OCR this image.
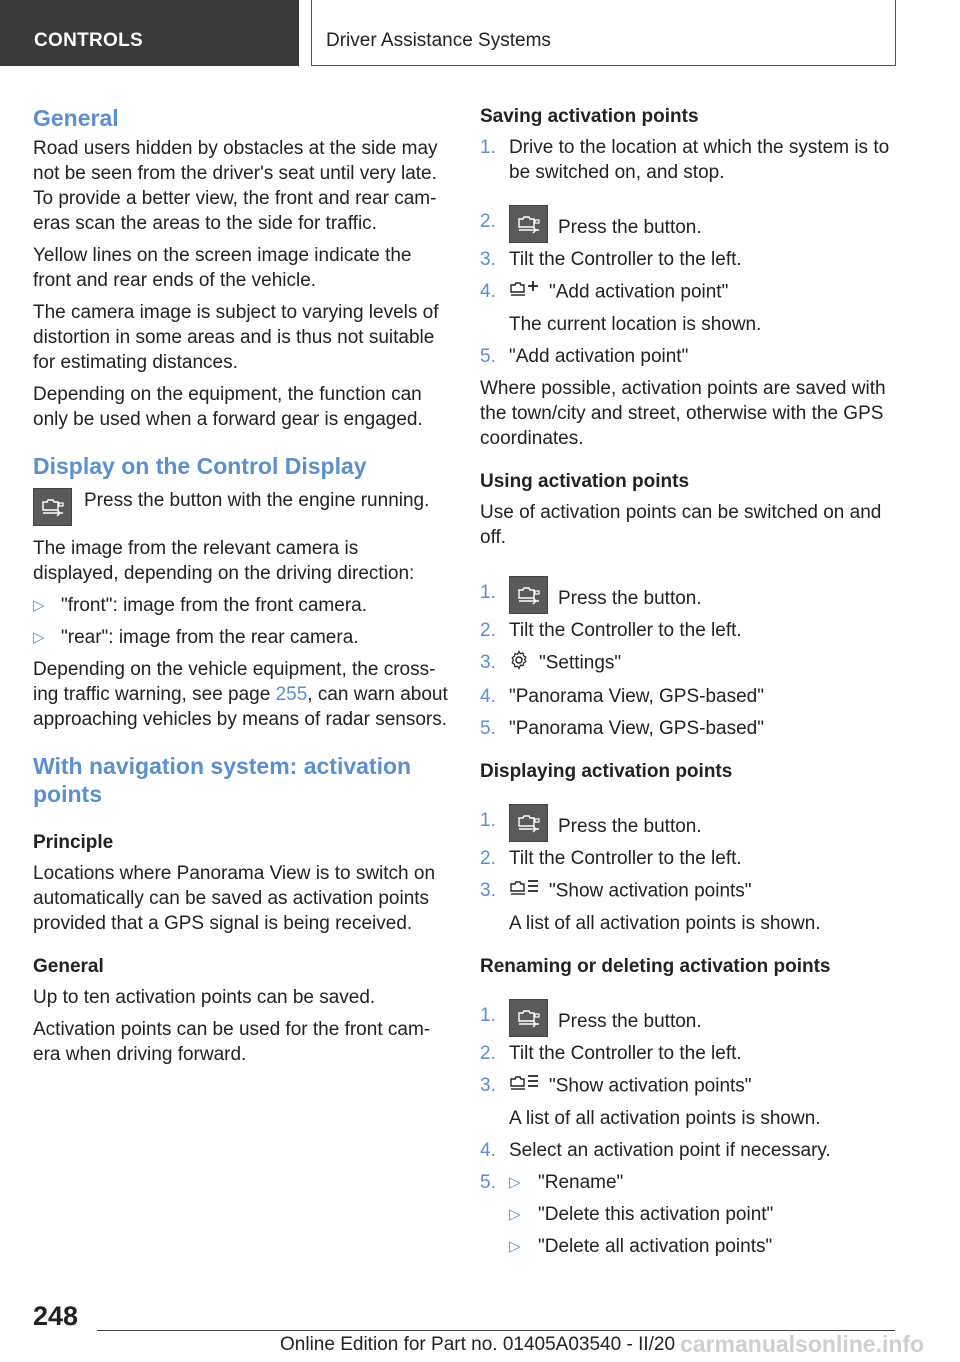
CONTROLS	Driver Assistance Systems
General

Road users hidden by obstacles at the side may not be seen from the driver's seat until very late. To provide a better view, the front and rear cam‐eras scan the areas to the side for traffic.

Yellow lines on the screen image indicate the front and rear ends of the vehicle.

The camera image is subject to varying levels of distortion in some areas and is thus not suitable for estimating distances.

Depending on the equipment, the function can only be used when a forward gear is engaged.

Display on the Control Display
Press the button with the engine running.

The image from the relevant camera is displayed, depending on the driving direction:

▷ "front": image from the front camera.
▷ "rear": image from the rear camera.

Depending on the vehicle equipment, the cross‐ing traffic warning, see page 255, can warn about approaching vehicles by means of radar sensors.

With navigation system: activation points
Principle

Locations where Panorama View is to switch on automatically can be saved as activation points provided that a GPS signal is being received.

General

Up to ten activation points can be saved.

Activation points can be used for the front cam‐era when driving forward.

Saving activation points
1. Drive to the location at which the system is to be switched on, and stop.
2.	Press the button.
3. Tilt the Controller to the left.
4.	"Add activation point"
The current location is shown.
5. "Add activation point"

Where possible, activation points are saved with the town/city and street, otherwise with the GPS coordinates.

Using activation points

Use of activation points can be switched on and off.

1.	Press the button.
2. Tilt the Controller to the left.
3. "Settings"
4. "Panorama View, GPS-based"
5. "Panorama View, GPS-based"
Displaying activation points
1.	Press the button.
2. Tilt the Controller to the left.
3.	"Show activation points"
A list of all activation points is shown.
Renaming or deleting activation points
1.	Press the button.
2. Tilt the Controller to the left.
3.	"Show activation points"
A list of all activation points is shown.
4. Select an activation point if necessary.
5. ▷ "Rename"
▷ "Delete this activation point"
▷ "Delete all activation points"
248
Online Edition for Part no. 01405A03540 - II/20 carmanualsonline.info
